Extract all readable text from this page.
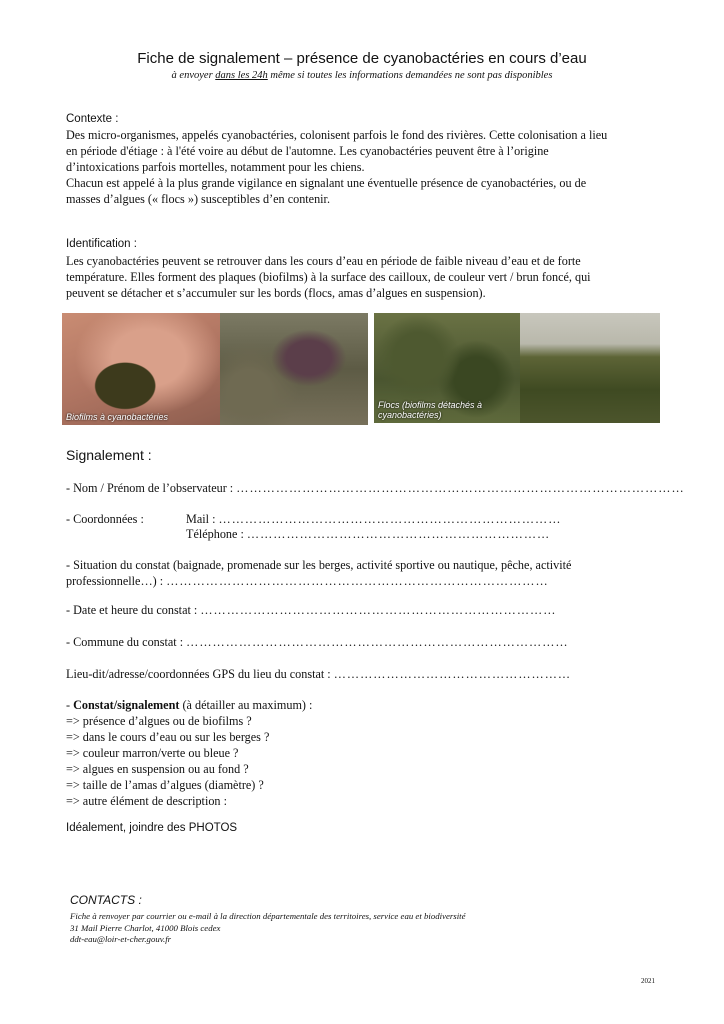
Fiche de signalement – présence de cyanobactéries en cours d’eau
à envoyer dans les 24h même si toutes les informations demandées ne sont pas disponibles
Contexte :
Des micro-organismes, appelés cyanobactéries, colonisent parfois le fond des rivières. Cette colonisation a lieu
en période d'étiage : à l'été voire au début de l'automne. Les cyanobactéries peuvent être à l’origine
d’intoxications parfois mortelles, notamment pour les chiens.
Chacun est appelé à la plus grande vigilance en signalant une éventuelle présence de cyanobactéries, ou de
masses d’algues (« flocs ») susceptibles d’en contenir.
Identification :
Les cyanobactéries peuvent se retrouver dans les cours d’eau en période de faible niveau d’eau et de forte
température. Elles forment des plaques (biofilms) à la surface des cailloux, de couleur vert / brun foncé, qui
peuvent se détacher et s’accumuler sur les bords (flocs, amas d’algues en suspension).
Biofilms à cyanobactéries
Flocs (biofilms détachés à
cyanobactéries)
Signalement :
- Nom / Prénom de l’observateur : …………………………………………………………………………………………
- Coordonnées :	Mail : ……………………………………………………………………
Téléphone : ……………………………………………………………
- Situation du constat (baignade, promenade sur les berges, activité sportive ou nautique, pêche, activité
professionnelle…) : ……………………………………………………………………………
- Date et heure du constat : ………………………………………………………………………
- Commune du constat : ……………………………………………………………………………
Lieu-dit/adresse/coordonnées GPS du lieu du constat : ………………………………………………
- Constat/signalement (à détailler au maximum) :
=> présence d’algues ou de biofilms ?
=> dans le cours d’eau ou sur les berges ?
=> couleur marron/verte ou bleue ?
=> algues en suspension ou au fond ?
=> taille de l’amas d’algues (diamètre) ?
=> autre élément de description :
Idéalement, joindre des PHOTOS
CONTACTS :
Fiche à renvoyer par courrier ou e-mail à la direction départementale des territoires, service eau et biodiversité
31 Mail Pierre Charlot, 41000 Blois cedex
ddt-eau@loir-et-cher.gouv.fr
2021
